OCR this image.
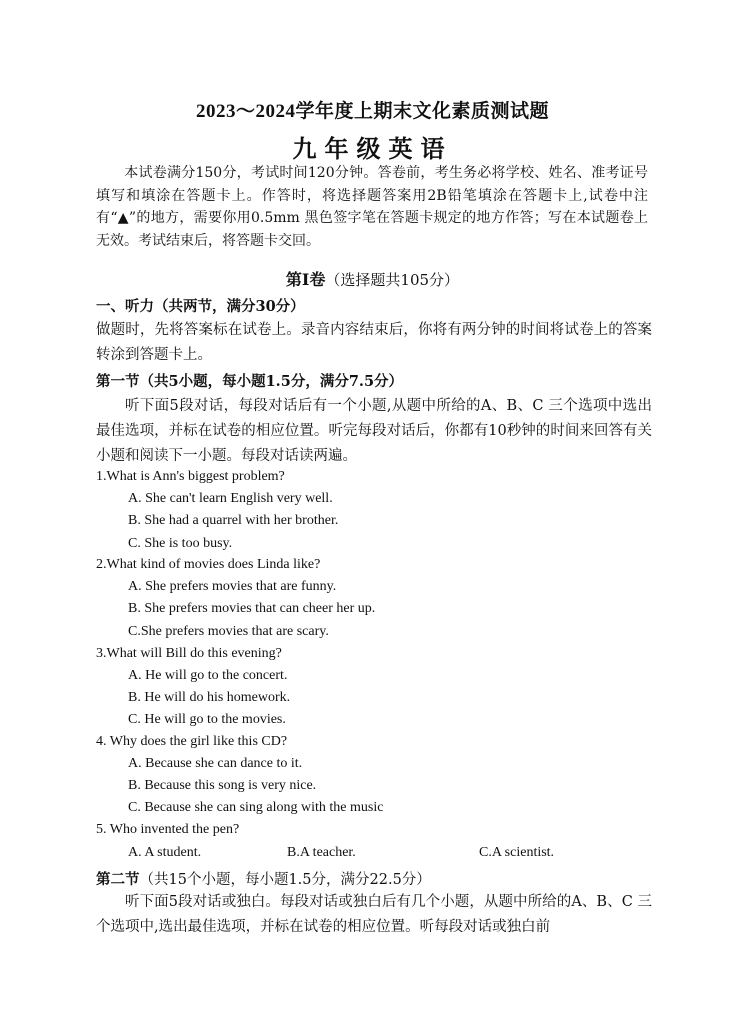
2023～2024学年度上期末文化素质测试题
九年级英语
本试卷满分150分，考试时间120分钟。答卷前，考生务必将学校、姓名、准考证号填写和填涂在答题卡上。作答时，将选择题答案用2B铅笔填涂在答题卡上,试卷中注有“▲”的地方，需要你用0.5mm 黑色签字笔在答题卡规定的地方作答；写在本试题卷上无效。考试结束后，将答题卡交回。
第Ⅰ卷（选择题共105分）
一、听力（共两节，满分30分）
做题时，先将答案标在试卷上。录音内容结束后，你将有两分钟的时间将试卷上的答案转涂到答题卡上。
第一节（共5小题，每小题1.5分，满分7.5分）
听下面5段对话，每段对话后有一个小题,从题中所给的A、B、C 三个选项中选出最佳选项，并标在试卷的相应位置。听完每段对话后，你都有10秒钟的时间来回答有关小题和阅读下一小题。每段对话读两遍。
1.What is Ann's biggest problem?
A. She can't learn English very well.
B. She had a quarrel with her brother.
C. She is too busy.
2.What kind of movies does Linda like?
A. She prefers movies that are funny.
B. She prefers movies that can cheer her up.
C.She prefers movies that are scary.
3.What will Bill do this evening?
A. He will go to the concert.
B. He will do his homework.
C. He will go to the movies.
4. Why does the girl like this CD?
A. Because she can dance to it.
B. Because this song is very nice.
C. Because she can sing along with the music
5. Who invented the pen?
A. A student.	B.A teacher.	C.A scientist.
第二节（共15个小题，每小题1.5分，满分22.5分）
听下面5段对话或独白。每段对话或独白后有几个小题，从题中所给的A、B、C 三个选项中,选出最佳选项，并标在试卷的相应位置。听每段对话或独白前
